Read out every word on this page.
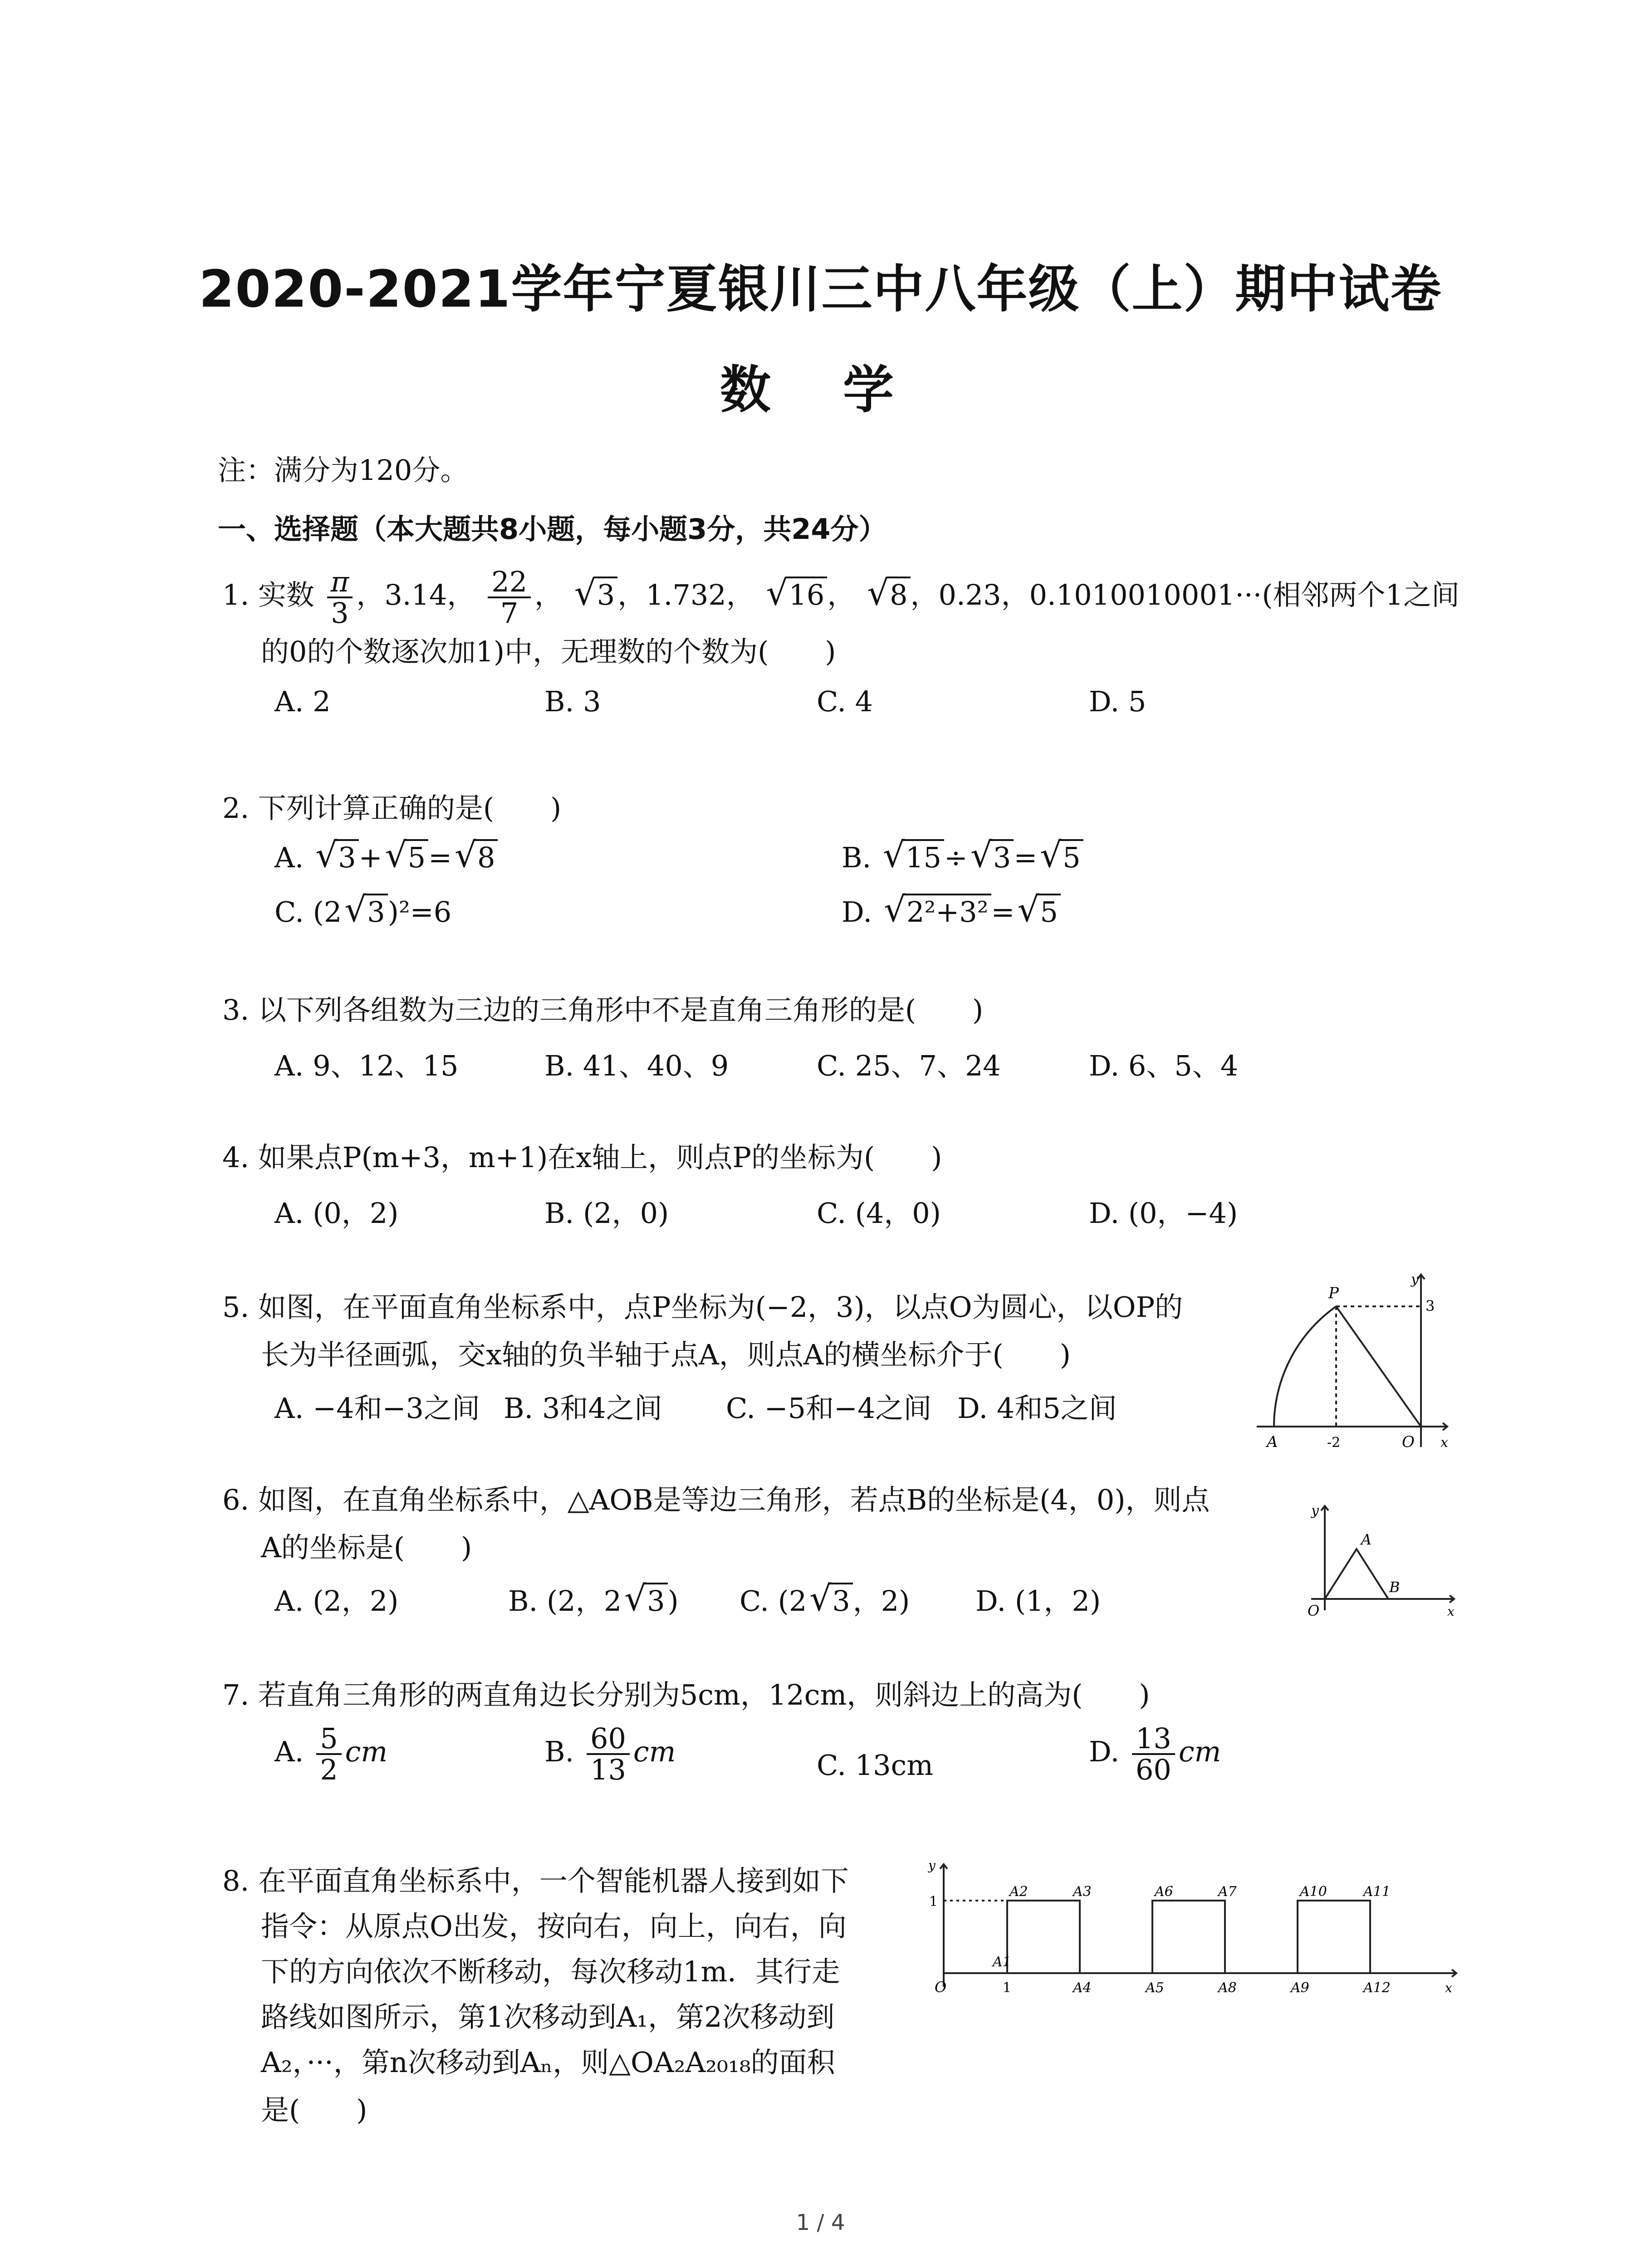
2020-2021学年宁夏银川三中八年级（上）期中试卷
数 学
注：满分为120分。
一、选择题（本大题共8小题，每小题3分，共24分）
1. 实数 $\frac{\pi}{3}$ ，3.14， $\frac{22}{7}$ ， √ 3，1.732， √ 16， √ 8，0.23，0.1010010001···(相邻两个1之间
的0的个数逐次加1)中，无理数的个数为(　　)
A. 2	B. 3	C. 4	D. 5
2. 下列计算正确的是(　　)
A. √ 3+ √ 5= √ 8	B. √ 15÷ √ 3= √ 5
C. (2 √ 3)²=6	D. √ 2²+3²= √ 5
3. 以下列各组数为三边的三角形中不是直角三角形的是(　　)
A. 9、12、15	B. 41、40、9	C. 25、7、24	D. 6、5、4
4. 如果点P(m+3，m+1)在x轴上，则点P的坐标为(　　)
A. (0，2)	B. (2，0)	C. (4，0)	D. (0，−4)
5. 如图，在平面直角坐标系中，点P坐标为(−2，3)，以点O为圆心，以OP的
长为半径画弧，交x轴的负半轴于点A，则点A的横坐标介于(　　)
A. −4和−3之间 B. 3和4之间 C. −5和−4之间 D. 4和5之间
P
y
3
A	-2	O x
6. 如图，在直角坐标系中，△AOB是等边三角形，若点B的坐标是(4，0)，则点
A的坐标是(　　)
A. (2，2)	B. (2，2 √ 3) C. (2 √ 3，2) D. (1，2)
y
A
O
B
x
7. 若直角三角形的两直角边长分别为5cm，12cm，则斜边上的高为(　　)
A. $\frac{5}{2}$ cm	B. $\frac{60}{13}$ cm	C. 13cm	D. $\frac{13}{60}$ cm
8. 在平面直角坐标系中，一个智能机器人接到如下
指令：从原点O出发，按向右，向上，向右，向
下的方向依次不断移动，每次移动1m．其行走
路线如图所示，第1次移动到A₁，第2次移动到
A₂，···，第n次移动到Aₙ，则△OA₂A₂₀₁₈的面积
是(　　)
y
1
O	1	x
A2	A3	A6	A7	A10	A11
A1
A4	A5	A8	A9	A12
1 / 4
